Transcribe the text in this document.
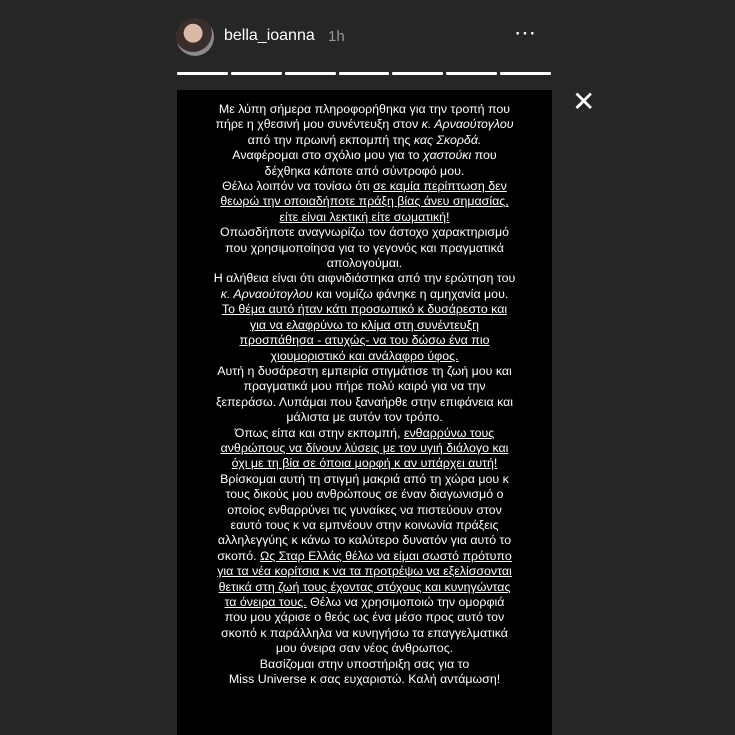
bella_ioanna 1h	⋯
✕
Με λύπη σήμερα πληροφορήθηκα για την τροπή που
πήρε η χθεσινή μου συνέντευξη στον κ. Αρναούτογλου
από την πρωινή εκπομπή της κας Σκορδά.
Αναφέρομαι στο σχόλιο μου για το χαστούκι που
δέχθηκα κάποτε από σύντροφό μου.
Θέλω λοιπόν να τονίσω ότι σε καμία περίπτωση δεν
θεωρώ την οποιαδήποτε πράξη βίας άνευ σημασίας,
είτε είναι λεκτική είτε σωματική!
Οπωσδήποτε αναγνωρίζω τον άστοχο χαρακτηρισμό
που χρησιμοποίησα για το γεγονός και πραγματικά
απολογούμαι.
Η αλήθεια είναι ότι αιφνιδιάστηκα από την ερώτηση του
κ. Αρναούτογλου και νομίζω φάνηκε η αμηχανία μου.
Το θέμα αυτό ήταν κάτι προσωπικό κ δυσάρεστο και
για να ελαφρύνω το κλίμα στη συνέντευξη
προσπάθησα - ατυχώς- να του δώσω ένα πιο
χιουμοριστικό και ανάλαφρο ύφος.
Αυτή η δυσάρεστη εμπειρία στιγμάτισε τη ζωή μου και
πραγματικά μου πήρε πολύ καιρό για να την
ξεπεράσω. Λυπάμαι που ξαναήρθε στην επιφάνεια και
μάλιστα με αυτόν τον τρόπο.
Όπως είπα και στην εκπομπή, ενθαρρύνω τους
ανθρώπους να δίνουν λύσεις με τον υγιή διάλογο και
όχι με τη βία σε όποια μορφή κ αν υπάρχει αυτή!
Βρίσκομαι αυτή τη στιγμή μακριά από τη χώρα μου κ
τους δικούς μου ανθρώπους σε έναν διαγωνισμό ο
οποίος ενθαρρύνει τις γυναίκες να πιστεύουν στον
εαυτό τους κ να εμπνέουν στην κοινωνία πράξεις
αλληλεγγύης κ κάνω το καλύτερο δυνατόν για αυτό το
σκοπό. Ως Σταρ Ελλάς θέλω να είμαι σωστό πρότυπο
για τα νέα κορίτσια κ να τα προτρέψω να εξελίσσονται
θετικά στη ζωή τους έχοντας στόχους και κυνηγώντας
τα όνειρα τους. Θέλω να χρησιμοποιώ την ομορφιά
που μου χάρισε ο θεός ως ένα μέσο προς αυτό τον
σκοπό κ παράλληλα να κυνηγήσω τα επαγγελματικά
μου όνειρα σαν νέος άνθρωπος.
Βασίζομαι στην υποστήριξη σας για το
Miss Universe κ σας ευχαριστώ. Καλή αντάμωση!
